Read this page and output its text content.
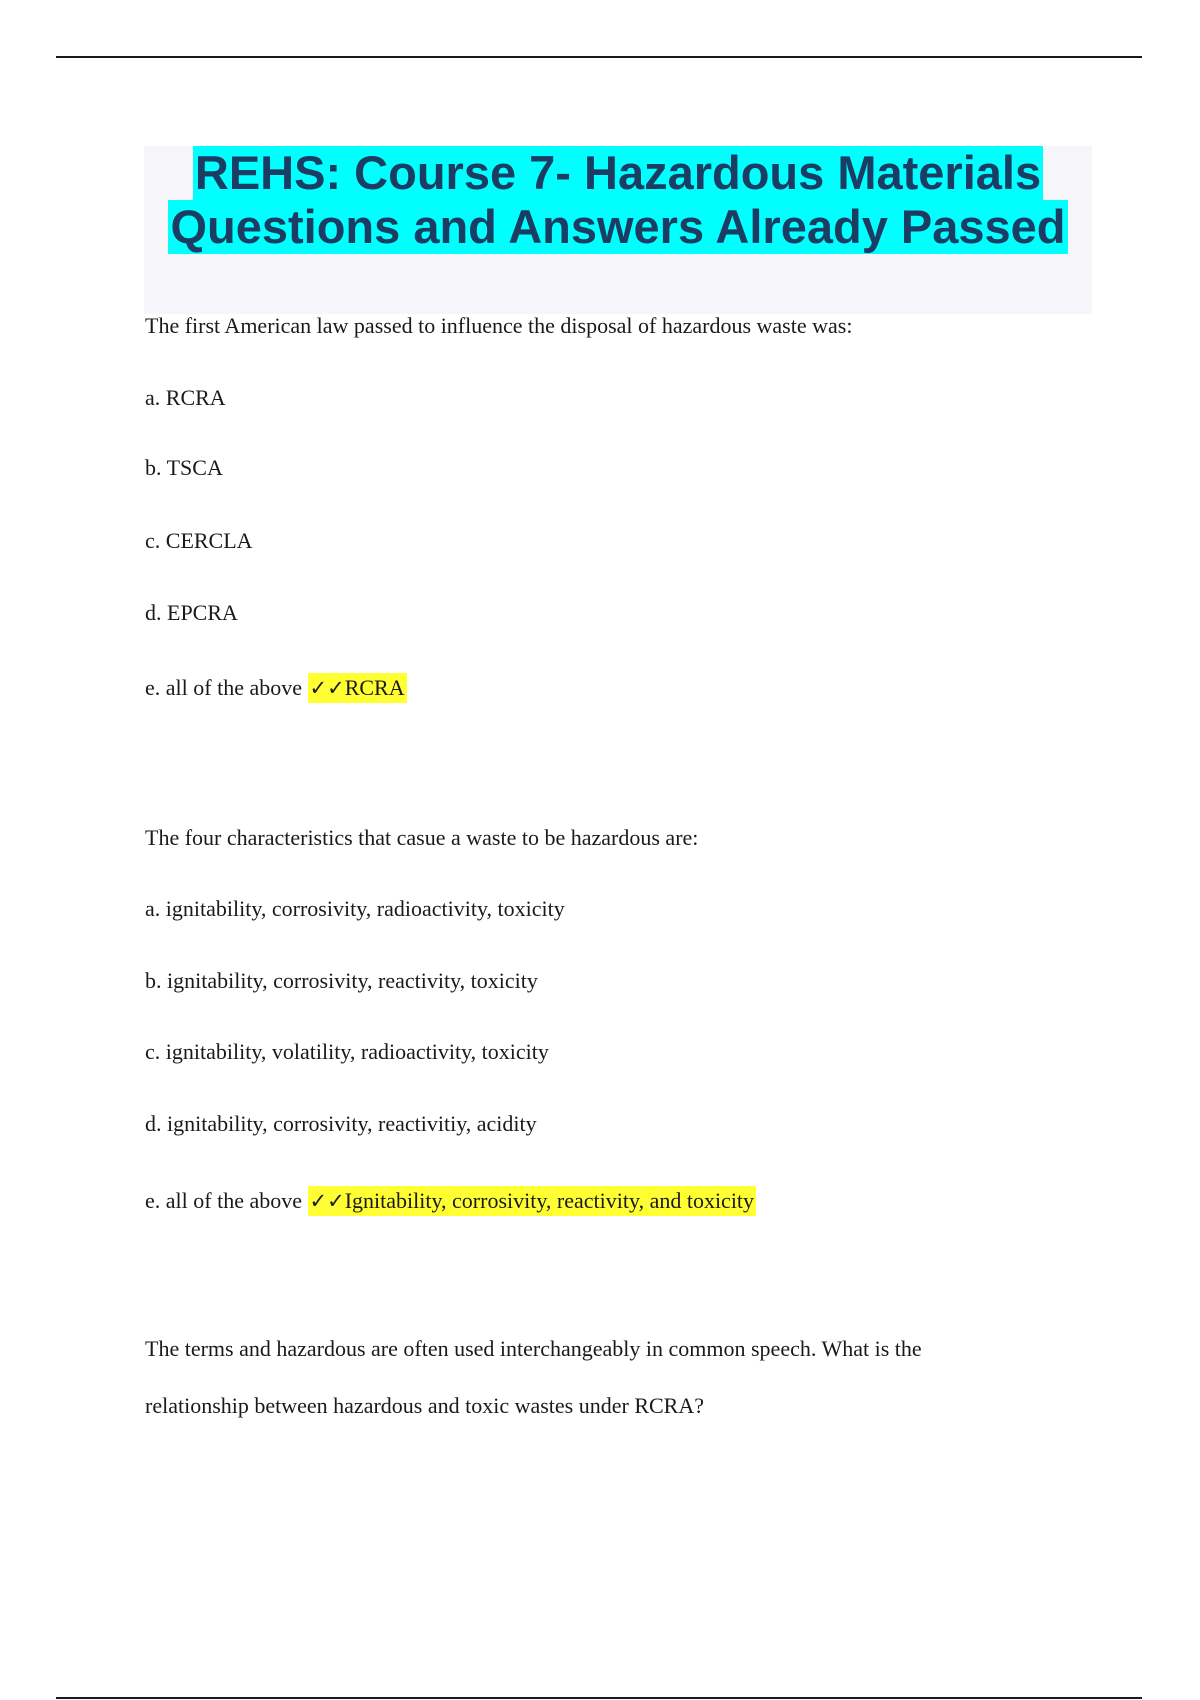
REHS: Course 7- Hazardous Materials
Questions and Answers Already Passed
The first American law passed to influence the disposal of hazardous waste was:
a. RCRA
b. TSCA
c. CERCLA
d. EPCRA
e. all of the above ✓✓RCRA
The four characteristics that casue a waste to be hazardous are:
a. ignitability, corrosivity, radioactivity, toxicity
b. ignitability, corrosivity, reactivity, toxicity
c. ignitability, volatility, radioactivity, toxicity
d. ignitability, corrosivity, reactivitiy, acidity
e. all of the above ✓✓Ignitability, corrosivity, reactivity, and toxicity
The terms and hazardous are often used interchangeably in common speech. What is the
relationship between hazardous and toxic wastes under RCRA?
